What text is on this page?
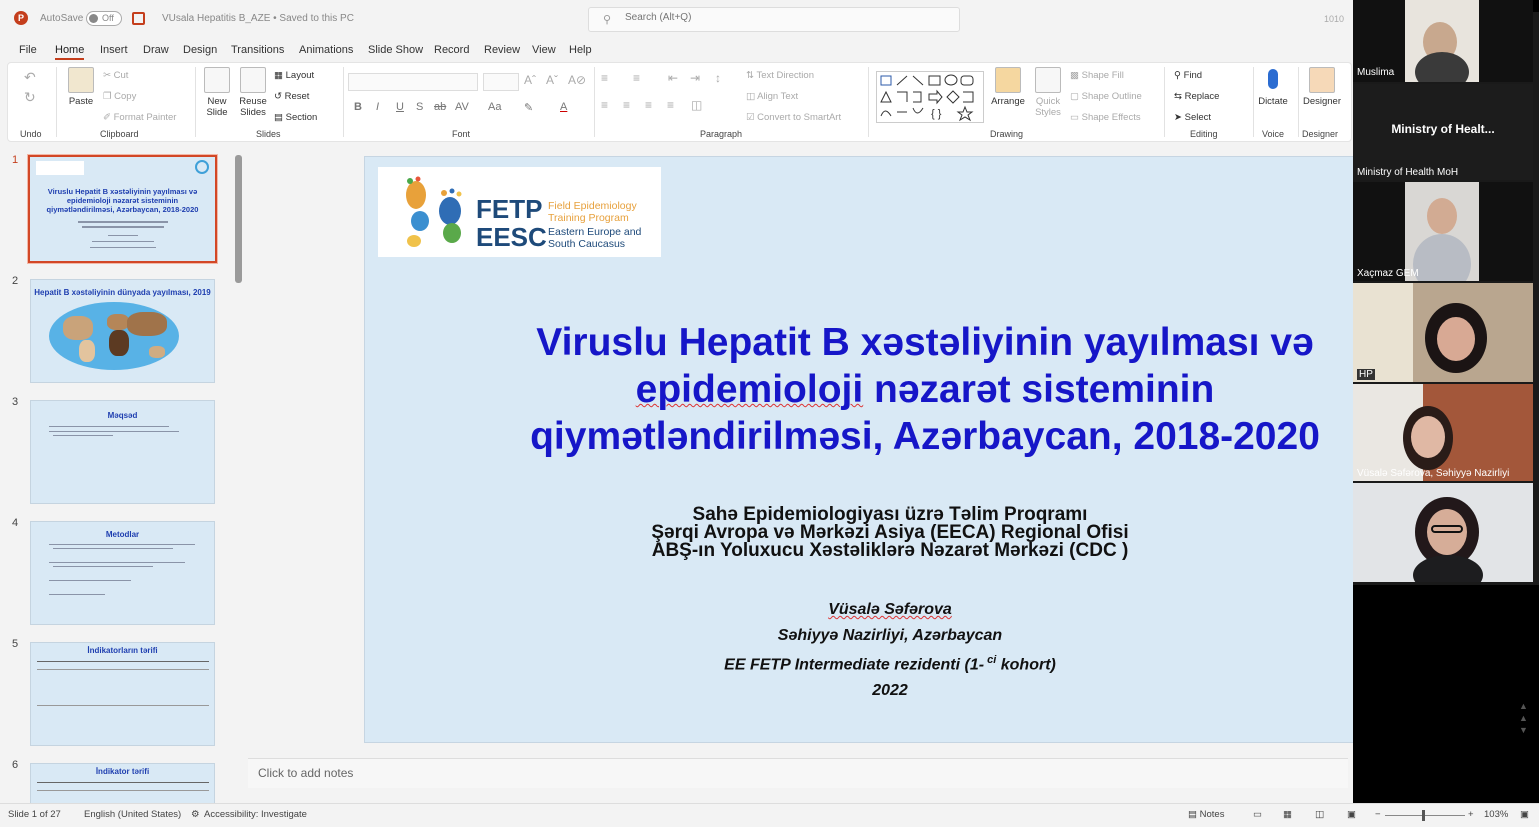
P	AutoSave Off	VUsala Hepatitis B_AZE • Saved to this PC	⚲
Search (Alt+Q)	1010
File Home Insert Draw Design Transitions Animations Slide Show Record Review View Help
↶
↻
Undo
Paste
✂ Cut
❐ Copy
✐ Format Painter
Clipboard
New Slide
Reuse Slides
▦ Layout
↺ Reset
▤ Section
Slides
Aˆ Aˇ A⊘
B I U S ab AV Aa ✎ A
Font
≡ ≡ ⇤ ⇥ ↕
≡ ≡ ≡ ≡ ◫
⇅ Text Direction
◫ Align Text
☑ Convert to SmartArt
Paragraph
{ }
Arrange	Quick Styles
▩ Shape Fill
▢ Shape Outline
▭ Shape Effects
Drawing
⚲ Find
⇆ Replace
➤ Select
Editing
Dictate
Voice
Designer
Designer
1
Viruslu Hepatit B xəstəliyinin yayılması və epidemioloji nəzarət sisteminin qiymətləndirilməsi, Azərbaycan, 2018-2020
2
Hepatit B xəstəliyinin dünyada yayılması, 2019
3
Məqsəd
4
Metodlar
5
İndikatorların tərifi
6
İndikator tərifi
FETP
EESC
Field Epidemiology
Training Program
Eastern Europe and
South Caucasus
Viruslu Hepatit B xəstəliyinin yayılması və
epidemioloji nəzarət sisteminin
qiymətləndirilməsi, Azərbaycan, 2018-2020
Sahə Epidemiologiyası üzrə Təlim Proqramı
Şərqi Avropa və Mərkəzi Asiya (EECA) Regional Ofisi
ABŞ-ın Yoluxucu Xəstəliklərə Nəzarət Mərkəzi (CDC )
Vüsalə Səfərova
Səhiyyə Nazirliyi, Azərbaycan
EE FETP Intermediate rezidenti (1- $^{ci}$ kohort)
2022
Click to add notes
▲
▲
▼
Slide 1 of 27 English (United States) ⚙ Accessibility: Investigate	▤ Notes	▭ ▦ ◫ ▣ −	+ 103% ▣
Muslima
Ministry of Healt...
Ministry of Health MoH
Xaçmaz GEM
HP
Vüsalə Səfərova, Səhiyyə Nazirliyi
